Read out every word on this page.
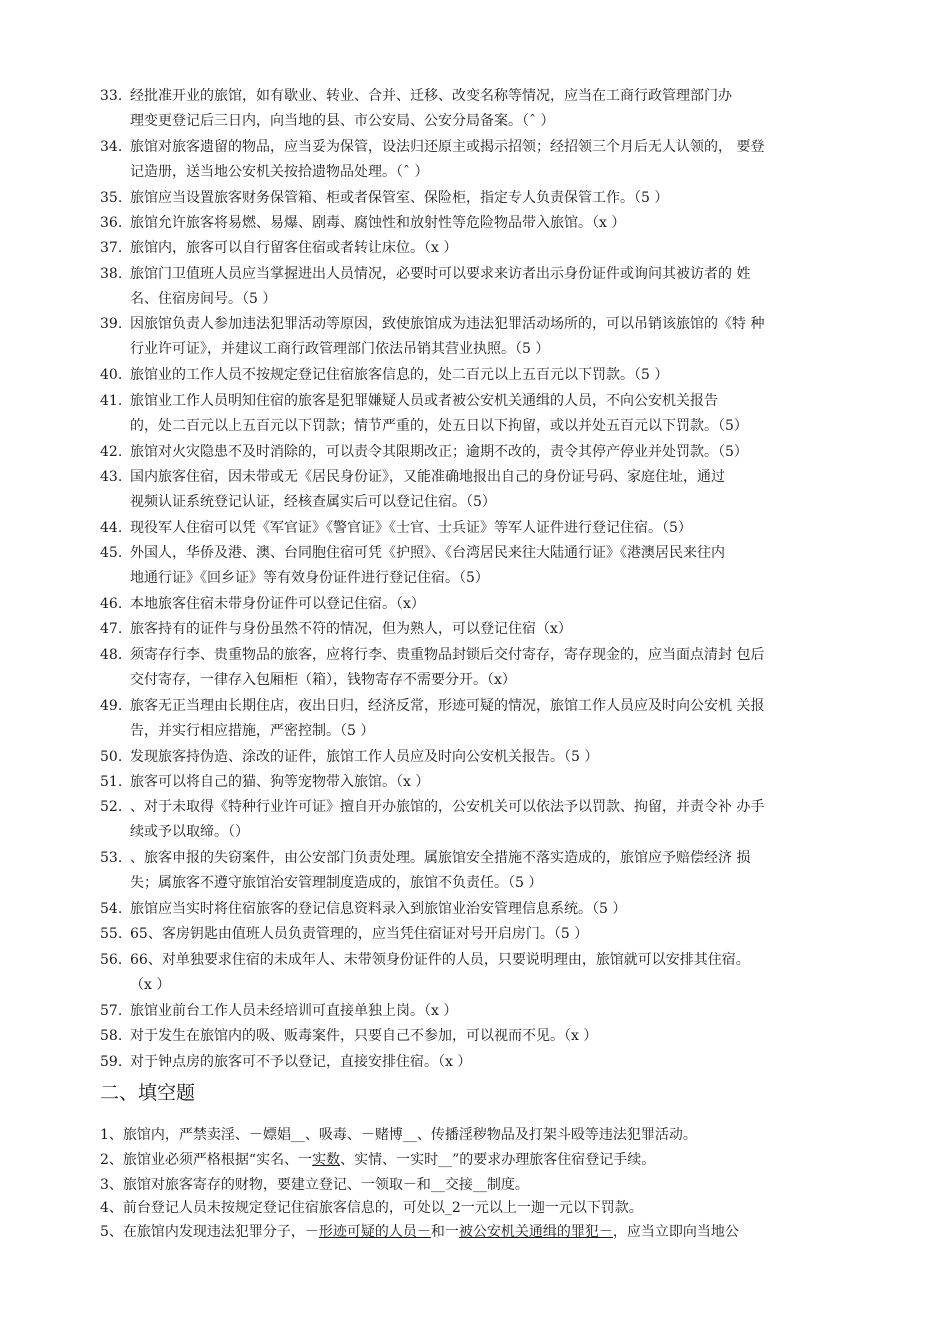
33. 经批准开业的旅馆，如有歇业、转业、合并、迁移、改变名称等情况，应当在工商行政管理部门办
理变更登记后三日内，向当地的县、市公安局、公安分局备案。（ˆ ）
34. 旅馆对旅客遗留的物品，应当妥为保管，设法归还原主或揭示招领；经招领三个月后无人认领的， 要登
记造册，送当地公安机关按拾遗物品处理。（ˆ ）
35. 旅馆应当设置旅客财务保管箱、柜或者保管室、保险柜，指定专人负责保管工作。（5 ）
36. 旅馆允许旅客将易燃、易爆、剧毒、腐蚀性和放射性等危险物品带入旅馆。（x ）
37. 旅馆内，旅客可以自行留客住宿或者转让床位。（x ）
38. 旅馆门卫值班人员应当掌握进出人员情况，必要时可以要求来访者出示身份证件或询问其被访者的 姓
名、住宿房间号。（5 ）
39. 因旅馆负责人参加违法犯罪活动等原因，致使旅馆成为违法犯罪活动场所的，可以吊销该旅馆的《特 种
行业许可证》，并建议工商行政管理部门依法吊销其营业执照。（5 ）
40. 旅馆业的工作人员不按规定登记住宿旅客信息的，处二百元以上五百元以下罚款。（5 ）
41. 旅馆业工作人员明知住宿的旅客是犯罪嫌疑人员或者被公安机关通缉的人员，不向公安机关报告
的，处二百元以上五百元以下罚款；情节严重的，处五日以下拘留，或以并处五百元以下罚款。（5）
42. 旅馆对火灾隐患不及时消除的，可以责令其限期改正；逾期不改的，责令其停产停业并处罚款。（5）
43. 国内旅客住宿，因未带或无《居民身份证》，又能准确地报出自己的身份证号码、家庭住址，通过
视频认证系统登记认证，经核查属实后可以登记住宿。（5）
44. 现役军人住宿可以凭《军官证》《警官证》《士官、士兵证》等军人证件进行登记住宿。（5）
45. 外国人，华侨及港、澳、台同胞住宿可凭《护照》、《台湾居民来往大陆通行证》《港澳居民来往内
地通行证》《回乡证》等有效身份证件进行登记住宿。（5）
46. 本地旅客住宿未带身份证件可以登记住宿。（x）
47. 旅客持有的证件与身份虽然不符的情况，但为熟人，可以登记住宿（x）
48. 须寄存行李、贵重物品的旅客，应将行李、贵重物品封锁后交付寄存，寄存现金的，应当面点清封 包后
交付寄存，一律存入包厢柜（箱），钱物寄存不需要分开。（x）
49. 旅客无正当理由长期住店，夜出日归，经济反常，形迹可疑的情况，旅馆工作人员应及时向公安机 关报
告，并实行相应措施，严密控制。（5 ）
50. 发现旅客持伪造、涂改的证件，旅馆工作人员应及时向公安机关报告。（5 ）
51. 旅客可以将自己的猫、狗等宠物带入旅馆。（x ）
52. 、对于未取得《特种行业许可证》擅自开办旅馆的，公安机关可以依法予以罚款、拘留，并责令补 办手
续或予以取缔。（）
53. 、旅客申报的失窃案件，由公安部门负责处理。属旅馆安全措施不落实造成的，旅馆应予赔偿经济 损
失；属旅客不遵守旅馆治安管理制度造成的，旅馆不负责任。（5 ）
54. 旅馆应当实时将住宿旅客的登记信息资料录入到旅馆业治安管理信息系统。（5 ）
55. 65、客房钥匙由值班人员负责管理的，应当凭住宿证对号开启房门。（5 ）
56. 66、对单独要求住宿的未成年人、未带领身份证件的人员，只要说明理由，旅馆就可以安排其住宿。
（x ）
57. 旅馆业前台工作人员未经培训可直接单独上岗。（x ）
58. 对于发生在旅馆内的吸、贩毒案件，只要自己不参加，可以视而不见。（x ）
59. 对于钟点房的旅客可不予以登记，直接安排住宿。（x ）
二、填空题
1、旅馆内，严禁卖淫、－嫖娼__、吸毒、－赌博__、传播淫秽物品及打架斗殴等违法犯罪活动。
2、旅馆业必须严格根据“实名、一实数、实情、一实时__”的要求办理旅客住宿登记手续。
3、旅馆对旅客寄存的财物，要建立登记、一领取－和__交接__制度。
4、前台登记人员未按规定登记住宿旅客信息的，可处以_2一元以上一迦一元以下罚款。
5、在旅馆内发现违法犯罪分子，－形迹可疑的人员－和一被公安机关通缉的罪犯－，应当立即向当地公
